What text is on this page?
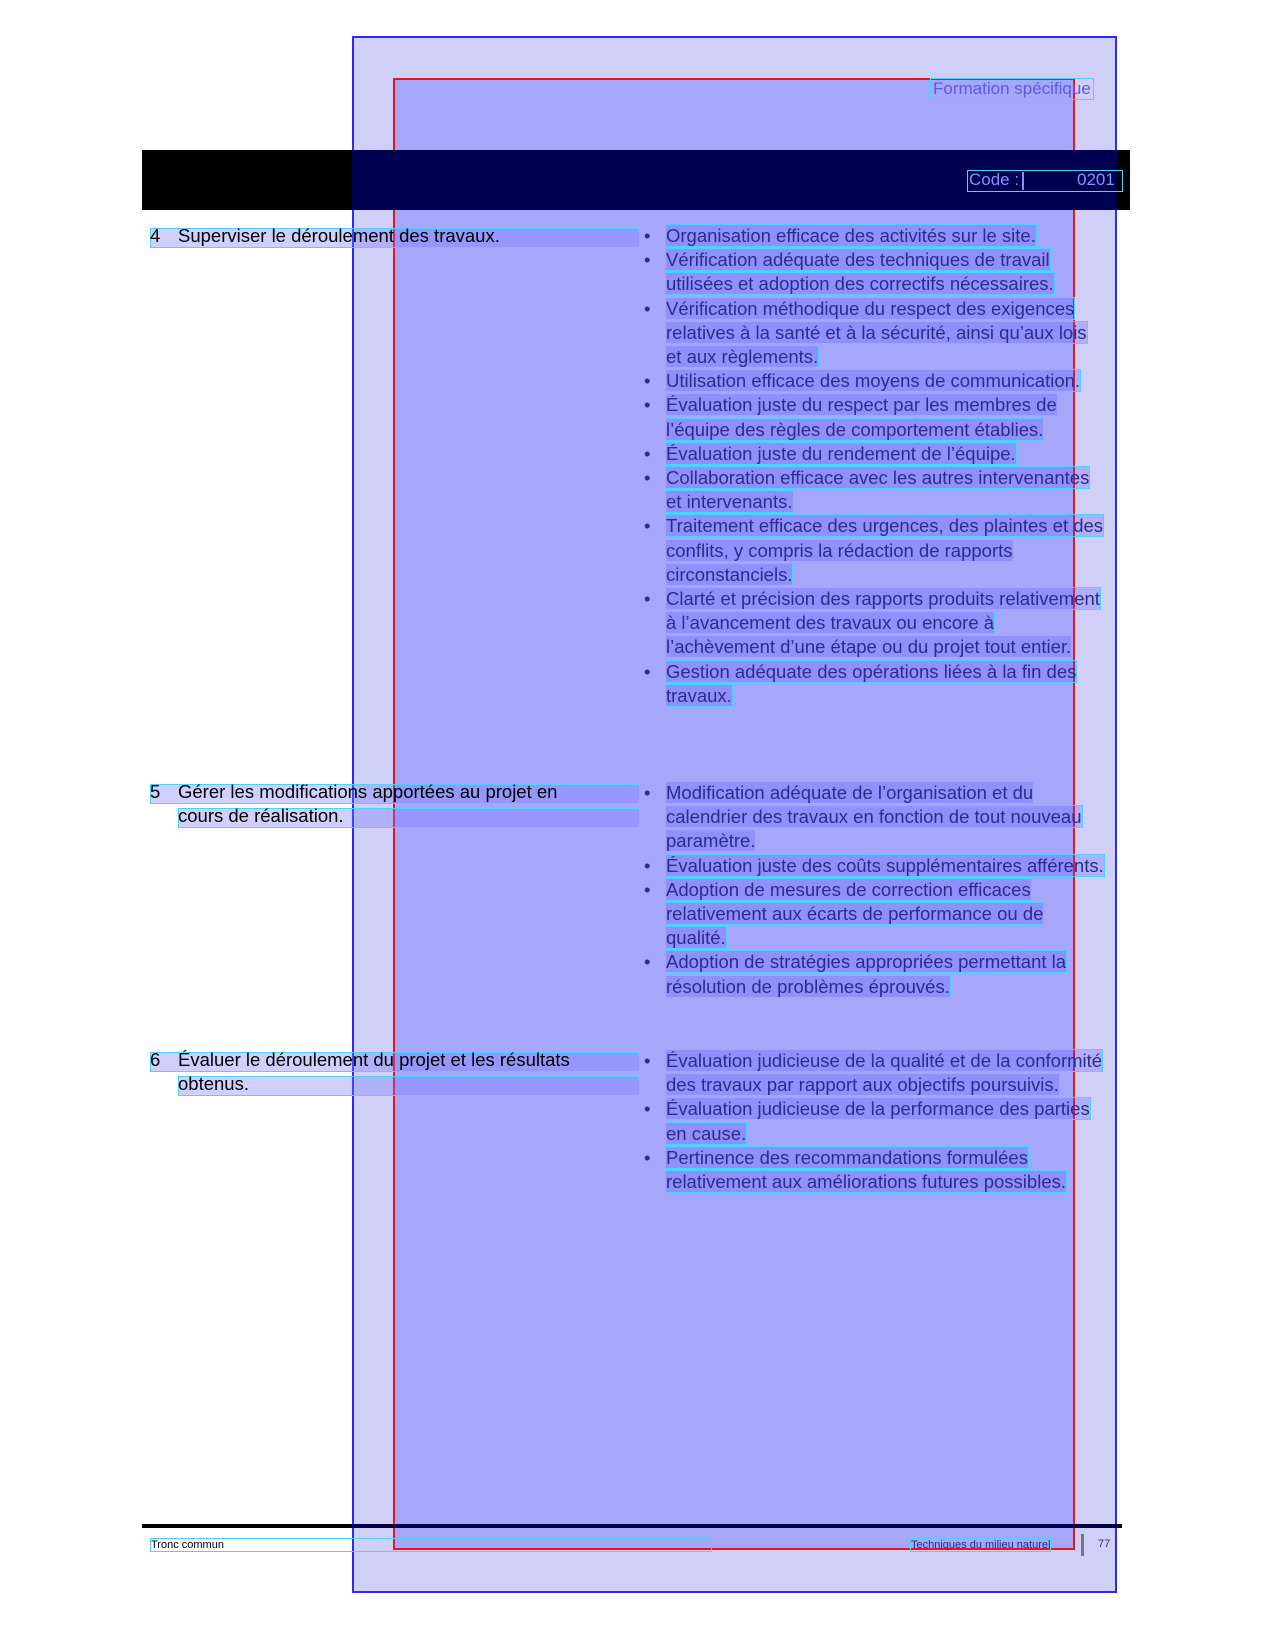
Formation spécifique
Code :	0201
4 Superviser le déroulement des travaux.	• Organisation efficace des activités sur le site.
• Vérification adéquate des techniques de travail utilisées et adoption des correctifs nécessaires.
• Vérification méthodique du respect des exigences relatives à la santé et à la sécurité, ainsi qu’aux lois et aux règlements.
• Utilisation efficace des moyens de communication.
• Évaluation juste du respect par les membres de l’équipe des règles de comportement établies.
• Évaluation juste du rendement de l’équipe.
• Collaboration efficace avec les autres intervenantes et intervenants.
• Traitement efficace des urgences, des plaintes et des conflits, y compris la rédaction de rapports circonstanciels.
• Clarté et précision des rapports produits relativement à l’avancement des travaux ou encore à l’achèvement d’une étape ou du projet tout entier.
• Gestion adéquate des opérations liées à la fin des travaux.
5 Gérer les modifications apportées au projet en
cours de réalisation.
• Modification adéquate de l’organisation et du calendrier des travaux en fonction de tout nouveau paramètre.
• Évaluation juste des coûts supplémentaires afférents.
• Adoption de mesures de correction efficaces relativement aux écarts de performance ou de qualité.
• Adoption de stratégies appropriées permettant la résolution de problèmes éprouvés.
6 Évaluer le déroulement du projet et les résultats
obtenus.
• Évaluation judicieuse de la qualité et de la conformité des travaux par rapport aux objectifs poursuivis.
• Évaluation judicieuse de la performance des parties en cause.
• Pertinence des recommandations formulées relativement aux améliorations futures possibles.
Tronc commun	Techniques du milieu naturel	77
